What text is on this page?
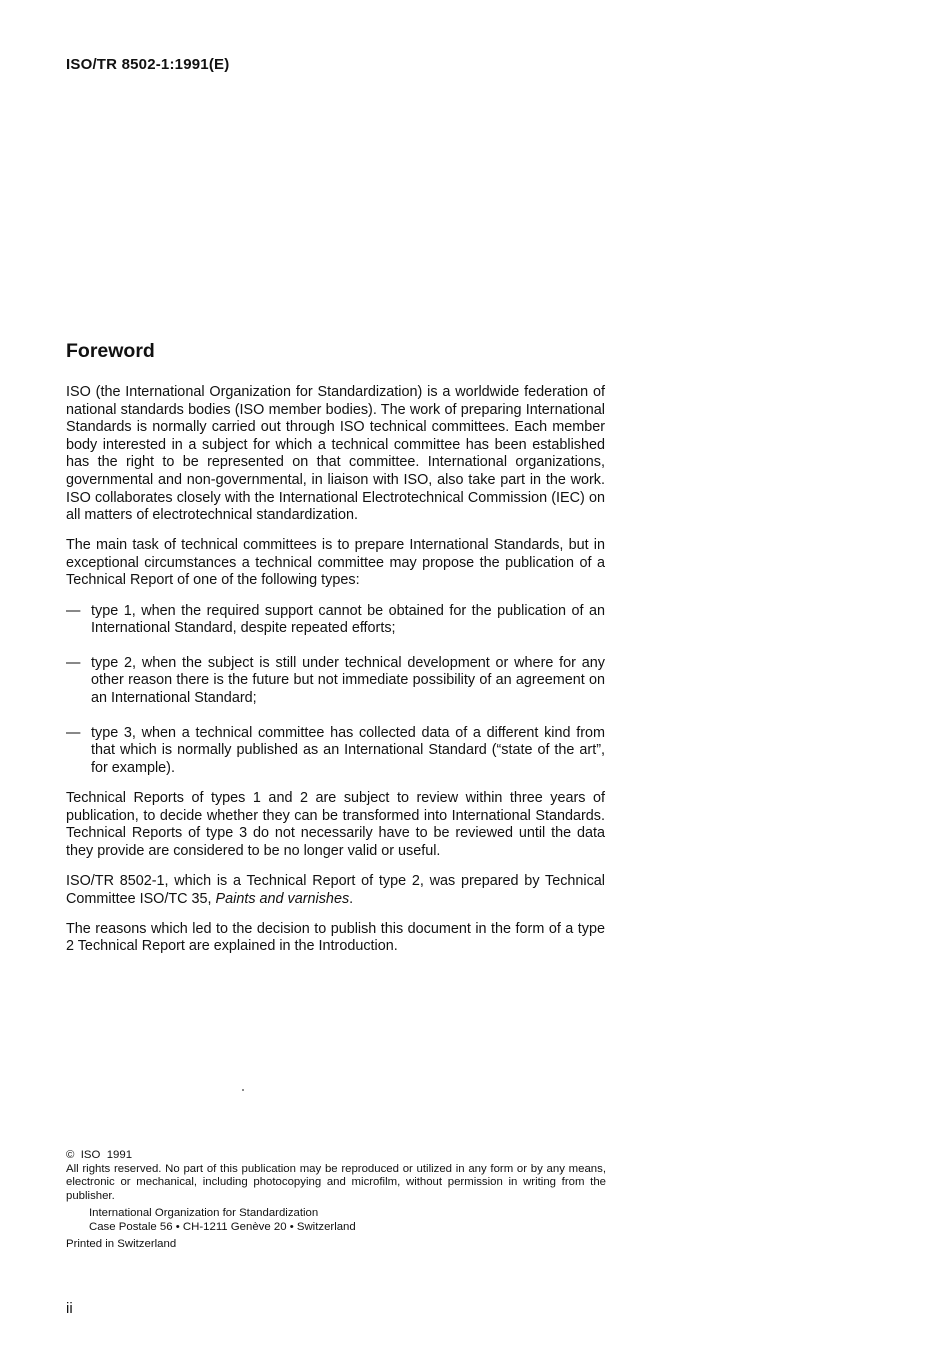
ISO/TR 8502-1:1991(E)
Foreword

ISO (the International Organization for Standardization) is a worldwide federation of national standards bodies (ISO member bodies). The work of preparing International Standards is normally carried out through ISO technical committees. Each member body interested in a subject for which a technical committee has been established has the right to be represented on that committee. International organizations, governmental and non-governmental, in liaison with ISO, also take part in the work. ISO collaborates closely with the International Electrotechnical Commission (IEC) on all matters of electrotechnical standardization.

The main task of technical committees is to prepare International Standards, but in exceptional circumstances a technical committee may propose the publication of a Technical Report of one of the following types:

— type 1, when the required support cannot be obtained for the publication of an International Standard, despite repeated efforts;
— type 2, when the subject is still under technical development or where for any other reason there is the future but not immediate possibility of an agreement on an International Standard;
— type 3, when a technical committee has collected data of a different kind from that which is normally published as an International Standard (“state of the art”, for example).

Technical Reports of types 1 and 2 are subject to review within three years of publication, to decide whether they can be transformed into International Standards. Technical Reports of type 3 do not necessarily have to be reviewed until the data they provide are considered to be no longer valid or useful.

ISO/TR 8502-1, which is a Technical Report of type 2, was prepared by Technical Committee ISO/TC 35, Paints and varnishes.

The reasons which led to the decision to publish this document in the form of a type 2 Technical Report are explained in the Introduction.

© ISO  1991

All rights reserved. No part of this publication may be reproduced or utilized in any form or by any means, electronic or mechanical, including photocopying and microfilm, without permission in writing from the publisher.

International Organization for Standardization

Case Postale 56 • CH-1211 Genève 20 • Switzerland

Printed in Switzerland

ii
